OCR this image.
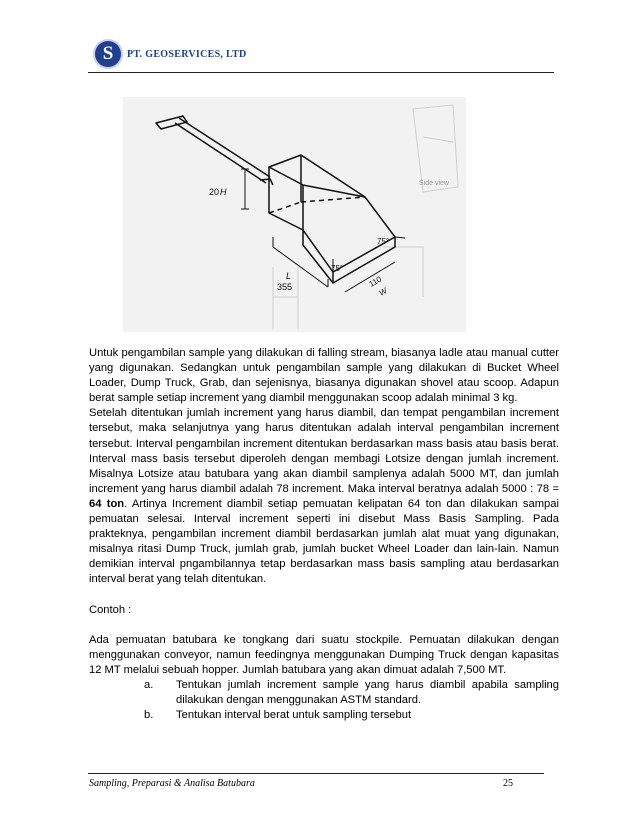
S	PT. GEOSERVICES, LTD
20 H
75°
75°
L
355	110
W
Side view

Untuk pengambilan sample yang dilakukan di falling stream, biasanya ladle atau manual cutter yang digunakan. Sedangkan untuk pengambilan sample yang dilakukan di Bucket Wheel Loader, Dump Truck, Grab, dan sejenisnya, biasanya digunakan shovel atau scoop. Adapun berat sample setiap increment yang diambil menggunakan scoop adalah minimal 3 kg.

Setelah ditentukan jumlah increment yang harus diambil, dan tempat pengambilan increment tersebut, maka selanjutnya yang harus ditentukan adalah interval pengambilan increment tersebut. Interval pengambilan increment ditentukan berdasarkan mass basis atau basis berat. Interval mass basis tersebut diperoleh dengan membagi Lotsize dengan jumlah increment. Misalnya Lotsize atau batubara yang akan diambil samplenya adalah 5000 MT, dan jumlah increment yang harus diambil adalah 78 increment. Maka interval beratnya adalah 5000 : 78 = 64 ton. Artinya Increment diambil setiap pemuatan kelipatan 64 ton dan dilakukan sampai pemuatan selesai. Interval increment seperti ini disebut Mass Basis Sampling. Pada prakteknya, pengambilan increment diambil berdasarkan jumlah alat muat yang digunakan, misalnya ritasi Dump Truck, jumlah grab, jumlah bucket Wheel Loader dan lain-lain. Namun demikian interval pngambilannya tetap berdasarkan mass basis sampling atau berdasarkan interval berat yang telah ditentukan.

Contoh :

Ada pemuatan batubara ke tongkang dari suatu stockpile. Pemuatan dilakukan dengan menggunakan conveyor, namun feedingnya menggunakan Dumping Truck dengan kapasitas 12 MT melalui sebuah hopper. Jumlah batubara yang akan dimuat adalah 7,500 MT.

a.	Tentukan jumlah increment sample yang harus diambil apabila sampling dilakukan dengan menggunakan ASTM standard.
b.	Tentukan interval berat untuk sampling tersebut
Sampling, Preparasi & Analisa Batubara	25
